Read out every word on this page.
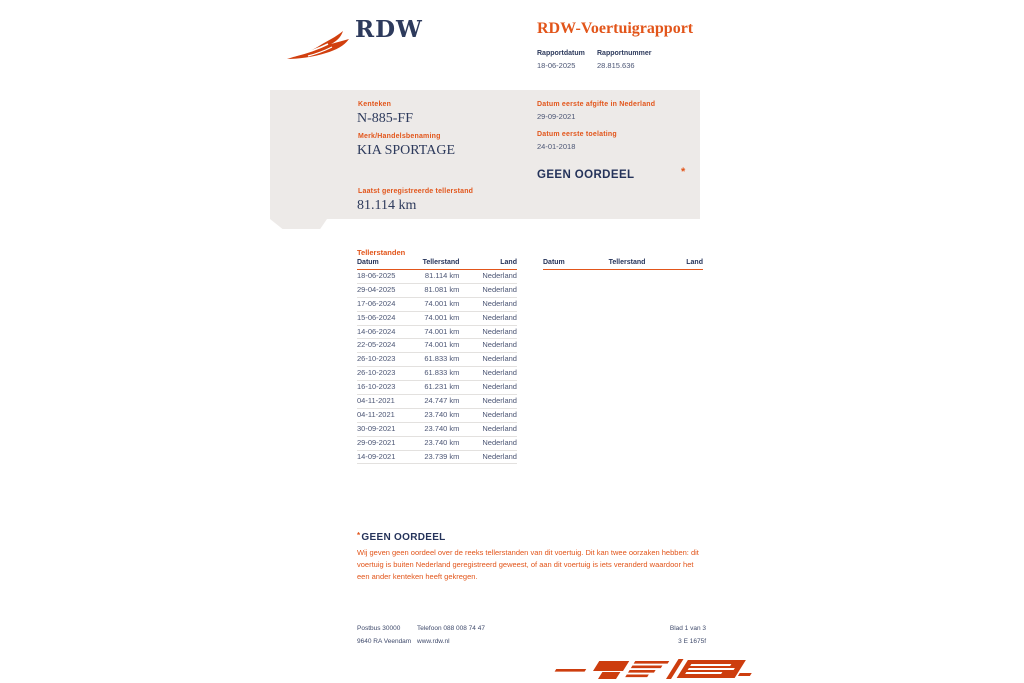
RDW	RDW-Voertuigrapport
Rapportdatum Rapportnummer
18-06-2025	28.815.636
Kenteken
N-885-FF
Merk/Handelsbenaming
KIA SPORTAGE
Laatst geregistreerde tellerstand
81.114 km
Datum eerste afgifte in Nederland
29-09-2021
Datum eerste toelating
24-01-2018
GEEN OORDEEL	*
Tellerstanden
Datum	Tellerstand	Land
18-06-2025	81.114 km	Nederland
29-04-2025	81.081 km	Nederland
17-06-2024	74.001 km	Nederland
15-06-2024	74.001 km	Nederland
14-06-2024	74.001 km	Nederland
22-05-2024	74.001 km	Nederland
26-10-2023	61.833 km	Nederland
26-10-2023	61.833 km	Nederland
16-10-2023	61.231 km	Nederland
04-11-2021	24.747 km	Nederland
04-11-2021	23.740 km	Nederland
30-09-2021	23.740 km	Nederland
29-09-2021	23.740 km	Nederland
14-09-2021	23.739 km	Nederland
Datum	Tellerstand	Land
*GEEN OORDEEL
Wij geven geen oordeel over de reeks tellerstanden van dit voertuig. Dit kan twee oorzaken hebben: dit voertuig is buiten Nederland geregistreerd geweest, of aan dit voertuig is iets veranderd waardoor het een ander kenteken heeft gekregen.
Postbus 30000
9640 RA Veendam
Telefoon 088 008 74 47
www.rdw.nl
Blad 1 van 3
3 E 1675f
